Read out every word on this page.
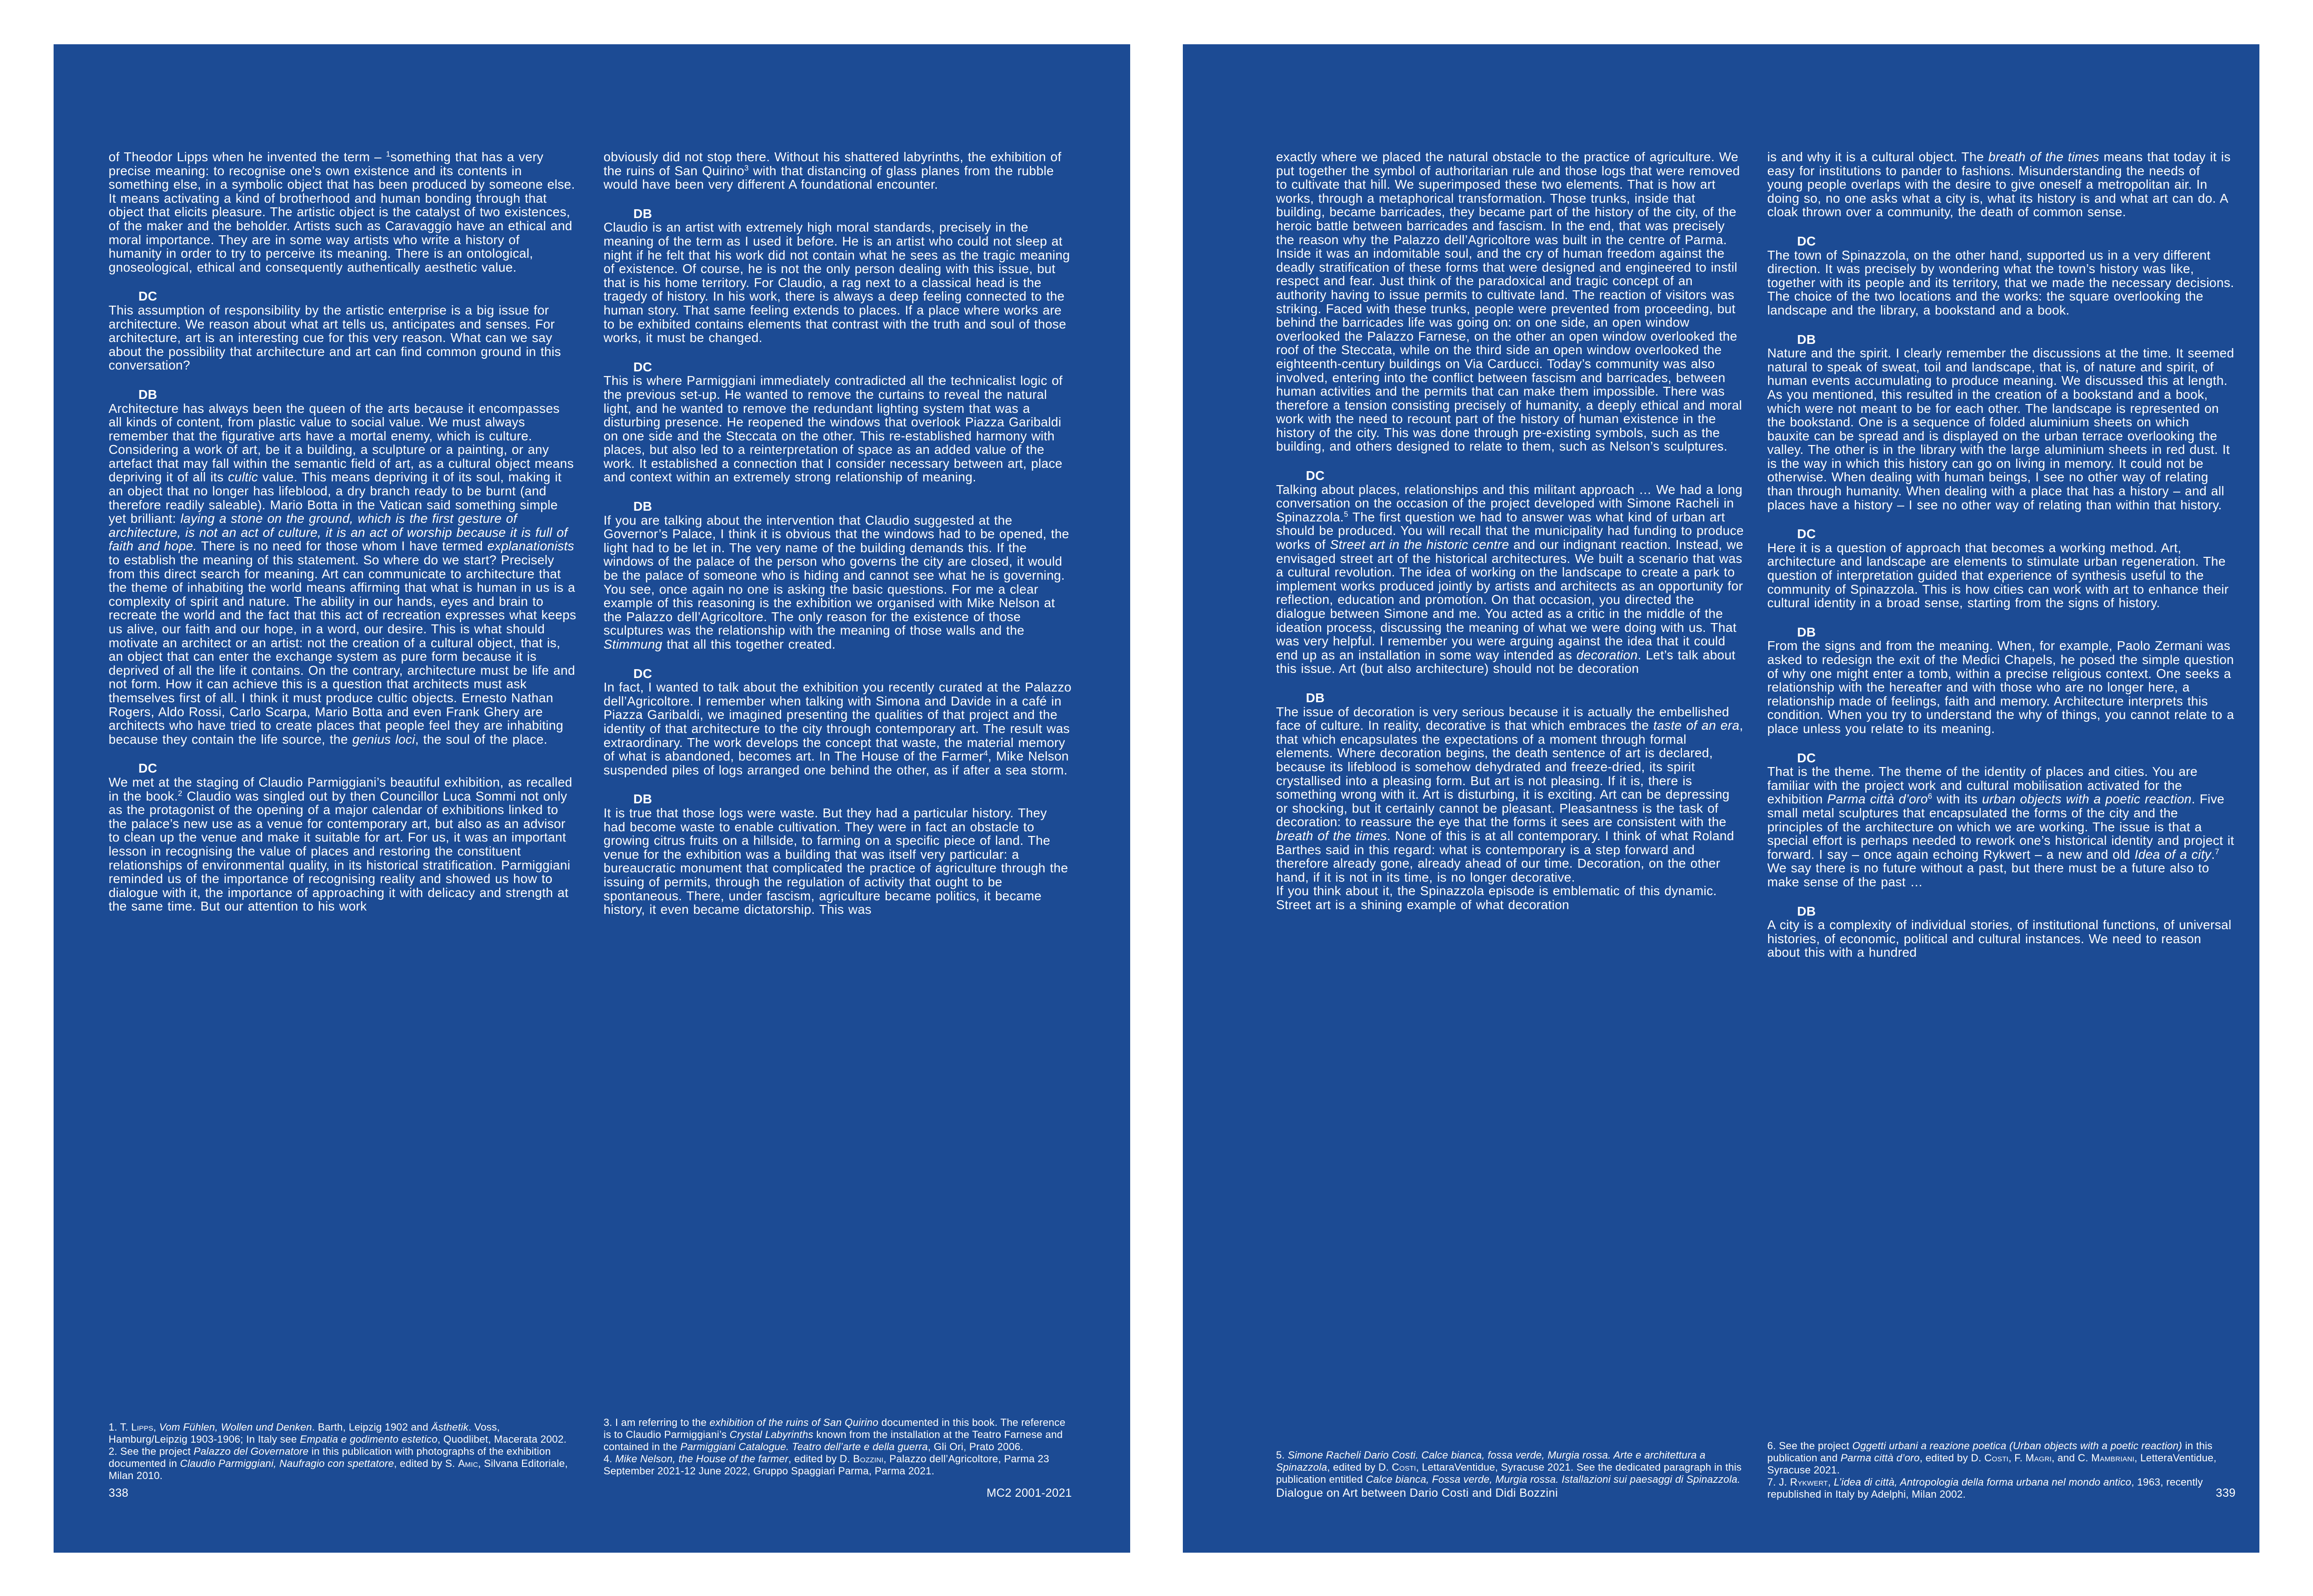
of Theodor Lipps when he invented the term – $^1$something that has a very precise meaning: to recognise one’s own existence and its contents in something else, in a symbolic object that has been produced by someone else. It means activating a kind of brotherhood and human bonding through that object that elicits pleasure. The artistic object is the catalyst of two existences, of the maker and the beholder. Artists such as Caravaggio have an ethical and moral importance. They are in some way artists who write a history of humanity in order to try to perceive its meaning. There is an ontological, gnoseological, ethical and consequently authentically aesthetic value.

DC

This assumption of responsibility by the artistic enterprise is a big issue for architecture. We reason about what art tells us, anticipates and senses. For architecture, art is an interesting cue for this very reason. What can we say about the possibility that architecture and art can find common ground in this conversation?

DB

Architecture has always been the queen of the arts because it encompasses all kinds of content, from plastic value to social value. We must always remember that the figurative arts have a mortal enemy, which is culture. Considering a work of art, be it a building, a sculpture or a painting, or any artefact that may fall within the semantic field of art, as a cultural object means depriving it of all its cultic value. This means depriving it of its soul, making it an object that no longer has lifeblood, a dry branch ready to be burnt (and therefore readily saleable). Mario Botta in the Vatican said something simple yet brilliant: laying a stone on the ground, which is the first gesture of architecture, is not an act of culture, it is an act of worship because it is full of faith and hope. There is no need for those whom I have termed explanationists to establish the meaning of this statement. So where do we start? Precisely from this direct search for meaning. Art can communicate to architecture that the theme of inhabiting the world means affirming that what is human in us is a complexity of spirit and nature. The ability in our hands, eyes and brain to recreate the world and the fact that this act of recreation expresses what keeps us alive, our faith and our hope, in a word, our desire. This is what should motivate an architect or an artist: not the creation of a cultural object, that is, an object that can enter the exchange system as pure form because it is deprived of all the life it contains. On the contrary, architecture must be life and not form. How it can achieve this is a question that architects must ask themselves first of all. I think it must produce cultic objects. Ernesto Nathan Rogers, Aldo Rossi, Carlo Scarpa, Mario Botta and even Frank Ghery are architects who have tried to create places that people feel they are inhabiting because they contain the life source, the genius loci, the soul of the place.

DC

We met at the staging of Claudio Parmiggiani’s beautiful exhibition, as recalled in the book.$^2$ Claudio was singled out by then Councillor Luca Sommi not only as the protagonist of the opening of a major calendar of exhibitions linked to the palace’s new use as a venue for contemporary art, but also as an advisor to clean up the venue and make it suitable for art. For us, it was an important lesson in recognising the value of places and restoring the constituent relationships of environmental quality, in its historical stratification. Parmiggiani reminded us of the importance of recognising reality and showed us how to dialogue with it, the importance of approaching it with delicacy and strength at the same time. But our attention to his work

1. T. Lipps, Vom Fühlen, Wollen und Denken. Barth, Leipzig 1902 and Ästhetik. Voss, Hamburg/Leipzig 1903-1906; In Italy see Empatia e godimento estetico, Quodlibet, Macerata 2002.

2. See the project Palazzo del Governatore in this publication with photographs of the exhibition documented in Claudio Parmiggiani, Naufragio con spettatore, edited by S. Amic, Silvana Editoriale, Milan 2010.

obviously did not stop there. Without his shattered labyrinths, the exhibition of the ruins of San Quirino$^3$ with that distancing of glass planes from the rubble would have been very different A foundational encounter.

DB

Claudio is an artist with extremely high moral standards, precisely in the meaning of the term as I used it before. He is an artist who could not sleep at night if he felt that his work did not contain what he sees as the tragic meaning of existence. Of course, he is not the only person dealing with this issue, but that is his home territory. For Claudio, a rag next to a classical head is the tragedy of history. In his work, there is always a deep feeling connected to the human story. That same feeling extends to places. If a place where works are to be exhibited contains elements that contrast with the truth and soul of those works, it must be changed.

DC

This is where Parmiggiani immediately contradicted all the technicalist logic of the previous set-up. He wanted to remove the curtains to reveal the natural light, and he wanted to remove the redundant lighting system that was a disturbing presence. He reopened the windows that overlook Piazza Garibaldi on one side and the Steccata on the other. This re-established harmony with places, but also led to a reinterpretation of space as an added value of the work. It established a connection that I consider necessary between art, place and context within an extremely strong relationship of meaning.

DB

If you are talking about the intervention that Claudio suggested at the Governor’s Palace, I think it is obvious that the windows had to be opened, the light had to be let in. The very name of the building demands this. If the windows of the palace of the person who governs the city are closed, it would be the palace of someone who is hiding and cannot see what he is governing. You see, once again no one is asking the basic questions. For me a clear example of this reasoning is the exhibition we organised with Mike Nelson at the Palazzo dell’Agricoltore. The only reason for the existence of those sculptures was the relationship with the meaning of those walls and the Stimmung that all this together created.

DC

In fact, I wanted to talk about the exhibition you recently curated at the Palazzo dell’Agricoltore. I remember when talking with Simona and Davide in a café in Piazza Garibaldi, we imagined presenting the qualities of that project and the identity of that architecture to the city through contemporary art. The result was extraordinary. The work develops the concept that waste, the material memory of what is abandoned, becomes art. In The House of the Farmer$^4$, Mike Nelson suspended piles of logs arranged one behind the other, as if after a sea storm.

DB

It is true that those logs were waste. But they had a particular history. They had become waste to enable cultivation. They were in fact an obstacle to growing citrus fruits on a hillside, to farming on a specific piece of land. The venue for the exhibition was a building that was itself very particular: a bureaucratic monument that complicated the practice of agriculture through the issuing of permits, through the regulation of activity that ought to be spontaneous. There, under fascism, agriculture became politics, it became history, it even became dictatorship. This was

3. I am referring to the exhibition of the ruins of San Quirino documented in this book. The reference is to Claudio Parmiggiani’s Crystal Labyrinths known from the installation at the Teatro Farnese and contained in the Parmiggiani Catalogue. Teatro dell’arte e della guerra, Gli Ori, Prato 2006.

4. Mike Nelson, the House of the farmer, edited by D. Bozzini, Palazzo dell’Agricoltore, Parma 23 September 2021-12 June 2022, Gruppo Spaggiari Parma, Parma 2021.

338	MC2 2001-2021

exactly where we placed the natural obstacle to the practice of agriculture. We put together the symbol of authoritarian rule and those logs that were removed to cultivate that hill. We superimposed these two elements. That is how art works, through a metaphorical transformation. Those trunks, inside that building, became barricades, they became part of the history of the city, of the heroic battle between barricades and fascism. In the end, that was precisely the reason why the Palazzo dell’Agricoltore was built in the centre of Parma. Inside it was an indomitable soul, and the cry of human freedom against the deadly stratification of these forms that were designed and engineered to instil respect and fear. Just think of the paradoxical and tragic concept of an authority having to issue permits to cultivate land. The reaction of visitors was striking. Faced with these trunks, people were prevented from proceeding, but behind the barricades life was going on: on one side, an open window overlooked the Palazzo Farnese, on the other an open window overlooked the roof of the Steccata, while on the third side an open window overlooked the eighteenth-century buildings on Via Carducci. Today’s community was also involved, entering into the conflict between fascism and barricades, between human activities and the permits that can make them impossible. There was therefore a tension consisting precisely of humanity, a deeply ethical and moral work with the need to recount part of the history of human existence in the history of the city. This was done through pre-existing symbols, such as the building, and others designed to relate to them, such as Nelson’s sculptures.

DC

Talking about places, relationships and this militant approach … We had a long conversation on the occasion of the project developed with Simone Racheli in Spinazzola.$^5$ The first question we had to answer was what kind of urban art should be produced. You will recall that the municipality had funding to produce works of Street art in the historic centre and our indignant reaction. Instead, we envisaged street art of the historical architectures. We built a scenario that was a cultural revolution. The idea of working on the landscape to create a park to implement works produced jointly by artists and architects as an opportunity for reflection, education and promotion. On that occasion, you directed the dialogue between Simone and me. You acted as a critic in the middle of the ideation process, discussing the meaning of what we were doing with us. That was very helpful. I remember you were arguing against the idea that it could end up as an installation in some way intended as decoration. Let’s talk about this issue. Art (but also architecture) should not be decoration

DB

The issue of decoration is very serious because it is actually the embellished face of culture. In reality, decorative is that which embraces the taste of an era, that which encapsulates the expectations of a moment through formal elements. Where decoration begins, the death sentence of art is declared, because its lifeblood is somehow dehydrated and freeze-dried, its spirit crystallised into a pleasing form. But art is not pleasing. If it is, there is something wrong with it. Art is disturbing, it is exciting. Art can be depressing or shocking, but it certainly cannot be pleasant. Pleasantness is the task of decoration: to reassure the eye that the forms it sees are consistent with the breath of the times. None of this is at all contemporary. I think of what Roland Barthes said in this regard: what is contemporary is a step forward and therefore already gone, already ahead of our time. Decoration, on the other hand, if it is not in its time, is no longer decorative.

If you think about it, the Spinazzola episode is emblematic of this dynamic. Street art is a shining example of what decoration

5. Simone Racheli Dario Costi. Calce bianca, fossa verde, Murgia rossa. Arte e architettura a Spinazzola, edited by D. Costi, LettaraVentidue, Syracuse 2021. See the dedicated paragraph in this publication entitled Calce bianca, Fossa verde, Murgia rossa. Istallazioni sui paesaggi di Spinazzola.

is and why it is a cultural object. The breath of the times means that today it is easy for institutions to pander to fashions. Misunderstanding the needs of young people overlaps with the desire to give oneself a metropolitan air. In doing so, no one asks what a city is, what its history is and what art can do. A cloak thrown over a community, the death of common sense.

DC

The town of Spinazzola, on the other hand, supported us in a very different direction. It was precisely by wondering what the town’s history was like, together with its people and its territory, that we made the necessary decisions. The choice of the two locations and the works: the square overlooking the landscape and the library, a bookstand and a book.

DB

Nature and the spirit. I clearly remember the discussions at the time. It seemed natural to speak of sweat, toil and landscape, that is, of nature and spirit, of human events accumulating to produce meaning. We discussed this at length. As you mentioned, this resulted in the creation of a bookstand and a book, which were not meant to be for each other. The landscape is represented on the bookstand. One is a sequence of folded aluminium sheets on which bauxite can be spread and is displayed on the urban terrace overlooking the valley. The other is in the library with the large aluminium sheets in red dust. It is the way in which this history can go on living in memory. It could not be otherwise. When dealing with human beings, I see no other way of relating than through humanity. When dealing with a place that has a history – and all places have a history – I see no other way of relating than within that history.

DC

Here it is a question of approach that becomes a working method. Art, architecture and landscape are elements to stimulate urban regeneration. The question of interpretation guided that experience of synthesis useful to the community of Spinazzola. This is how cities can work with art to enhance their cultural identity in a broad sense, starting from the signs of history.

DB

From the signs and from the meaning. When, for example, Paolo Zermani was asked to redesign the exit of the Medici Chapels, he posed the simple question of why one might enter a tomb, within a precise religious context. One seeks a relationship with the hereafter and with those who are no longer here, a relationship made of feelings, faith and memory. Architecture interprets this condition. When you try to understand the why of things, you cannot relate to a place unless you relate to its meaning.

DC

That is the theme. The theme of the identity of places and cities. You are familiar with the project work and cultural mobilisation activated for the exhibition Parma città d’oro$^6$ with its urban objects with a poetic reaction. Five small metal sculptures that encapsulated the forms of the city and the principles of the architecture on which we are working. The issue is that a special effort is perhaps needed to rework one’s historical identity and project it forward. I say – once again echoing Rykwert – a new and old Idea of a city.$^7$ We say there is no future without a past, but there must be a future also to make sense of the past …

DB

A city is a complexity of individual stories, of institutional functions, of universal histories, of economic, political and cultural instances. We need to reason about this with a hundred

6. See the project Oggetti urbani a reazione poetica (Urban objects with a poetic reaction) in this publication and Parma città d’oro, edited by D. Costi, F. Magri, and C. Mambriani, LetteraVentidue, Syracuse 2021.

7. J. Rykwert, L’idea di città, Antropologia della forma urbana nel mondo antico, 1963, recently republished in Italy by Adelphi, Milan 2002.

Dialogue on Art between Dario Costi and Didi Bozzini	339
